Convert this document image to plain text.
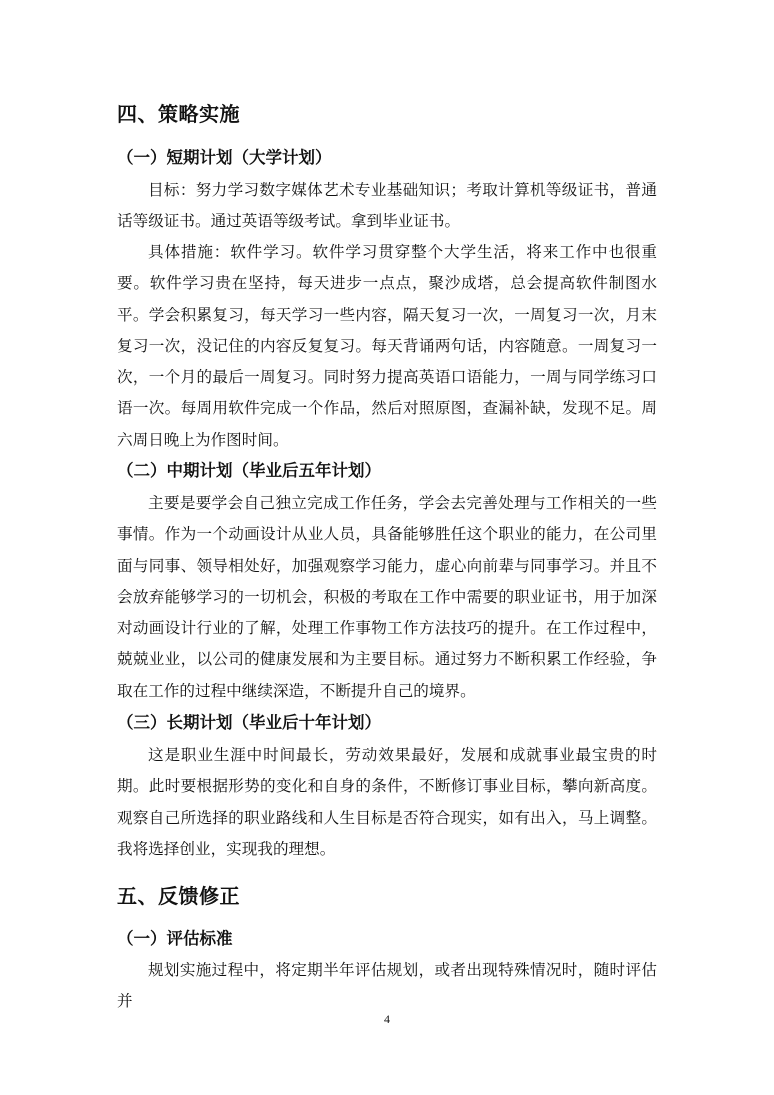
四、策略实施
（一）短期计划（大学计划）

目标：努力学习数字媒体艺术专业基础知识；考取计算机等级证书，普通话等级证书。通过英语等级考试。拿到毕业证书。

具体措施：软件学习。软件学习贯穿整个大学生活，将来工作中也很重要。软件学习贵在坚持，每天进步一点点，聚沙成塔，总会提高软件制图水平。学会积累复习，每天学习一些内容，隔天复习一次，一周复习一次，月末复习一次，没记住的内容反复复习。每天背诵两句话，内容随意。一周复习一次，一个月的最后一周复习。同时努力提高英语口语能力，一周与同学练习口语一次。每周用软件完成一个作品，然后对照原图，查漏补缺，发现不足。周六周日晚上为作图时间。

（二）中期计划（毕业后五年计划）

主要是要学会自己独立完成工作任务，学会去完善处理与工作相关的一些事情。作为一个动画设计从业人员，具备能够胜任这个职业的能力，在公司里面与同事、领导相处好，加强观察学习能力，虚心向前辈与同事学习。并且不会放弃能够学习的一切机会，积极的考取在工作中需要的职业证书，用于加深对动画设计行业的了解，处理工作事物工作方法技巧的提升。在工作过程中，兢兢业业，以公司的健康发展和为主要目标。通过努力不断积累工作经验，争取在工作的过程中继续深造，不断提升自己的境界。

（三）长期计划（毕业后十年计划）

这是职业生涯中时间最长，劳动效果最好，发展和成就事业最宝贵的时期。此时要根据形势的变化和自身的条件，不断修订事业目标，攀向新高度。观察自己所选择的职业路线和人生目标是否符合现实，如有出入，马上调整。我将选择创业，实现我的理想。

五、反馈修正
（一）评估标准

规划实施过程中，将定期半年评估规划，或者出现特殊情况时，随时评估并

4
